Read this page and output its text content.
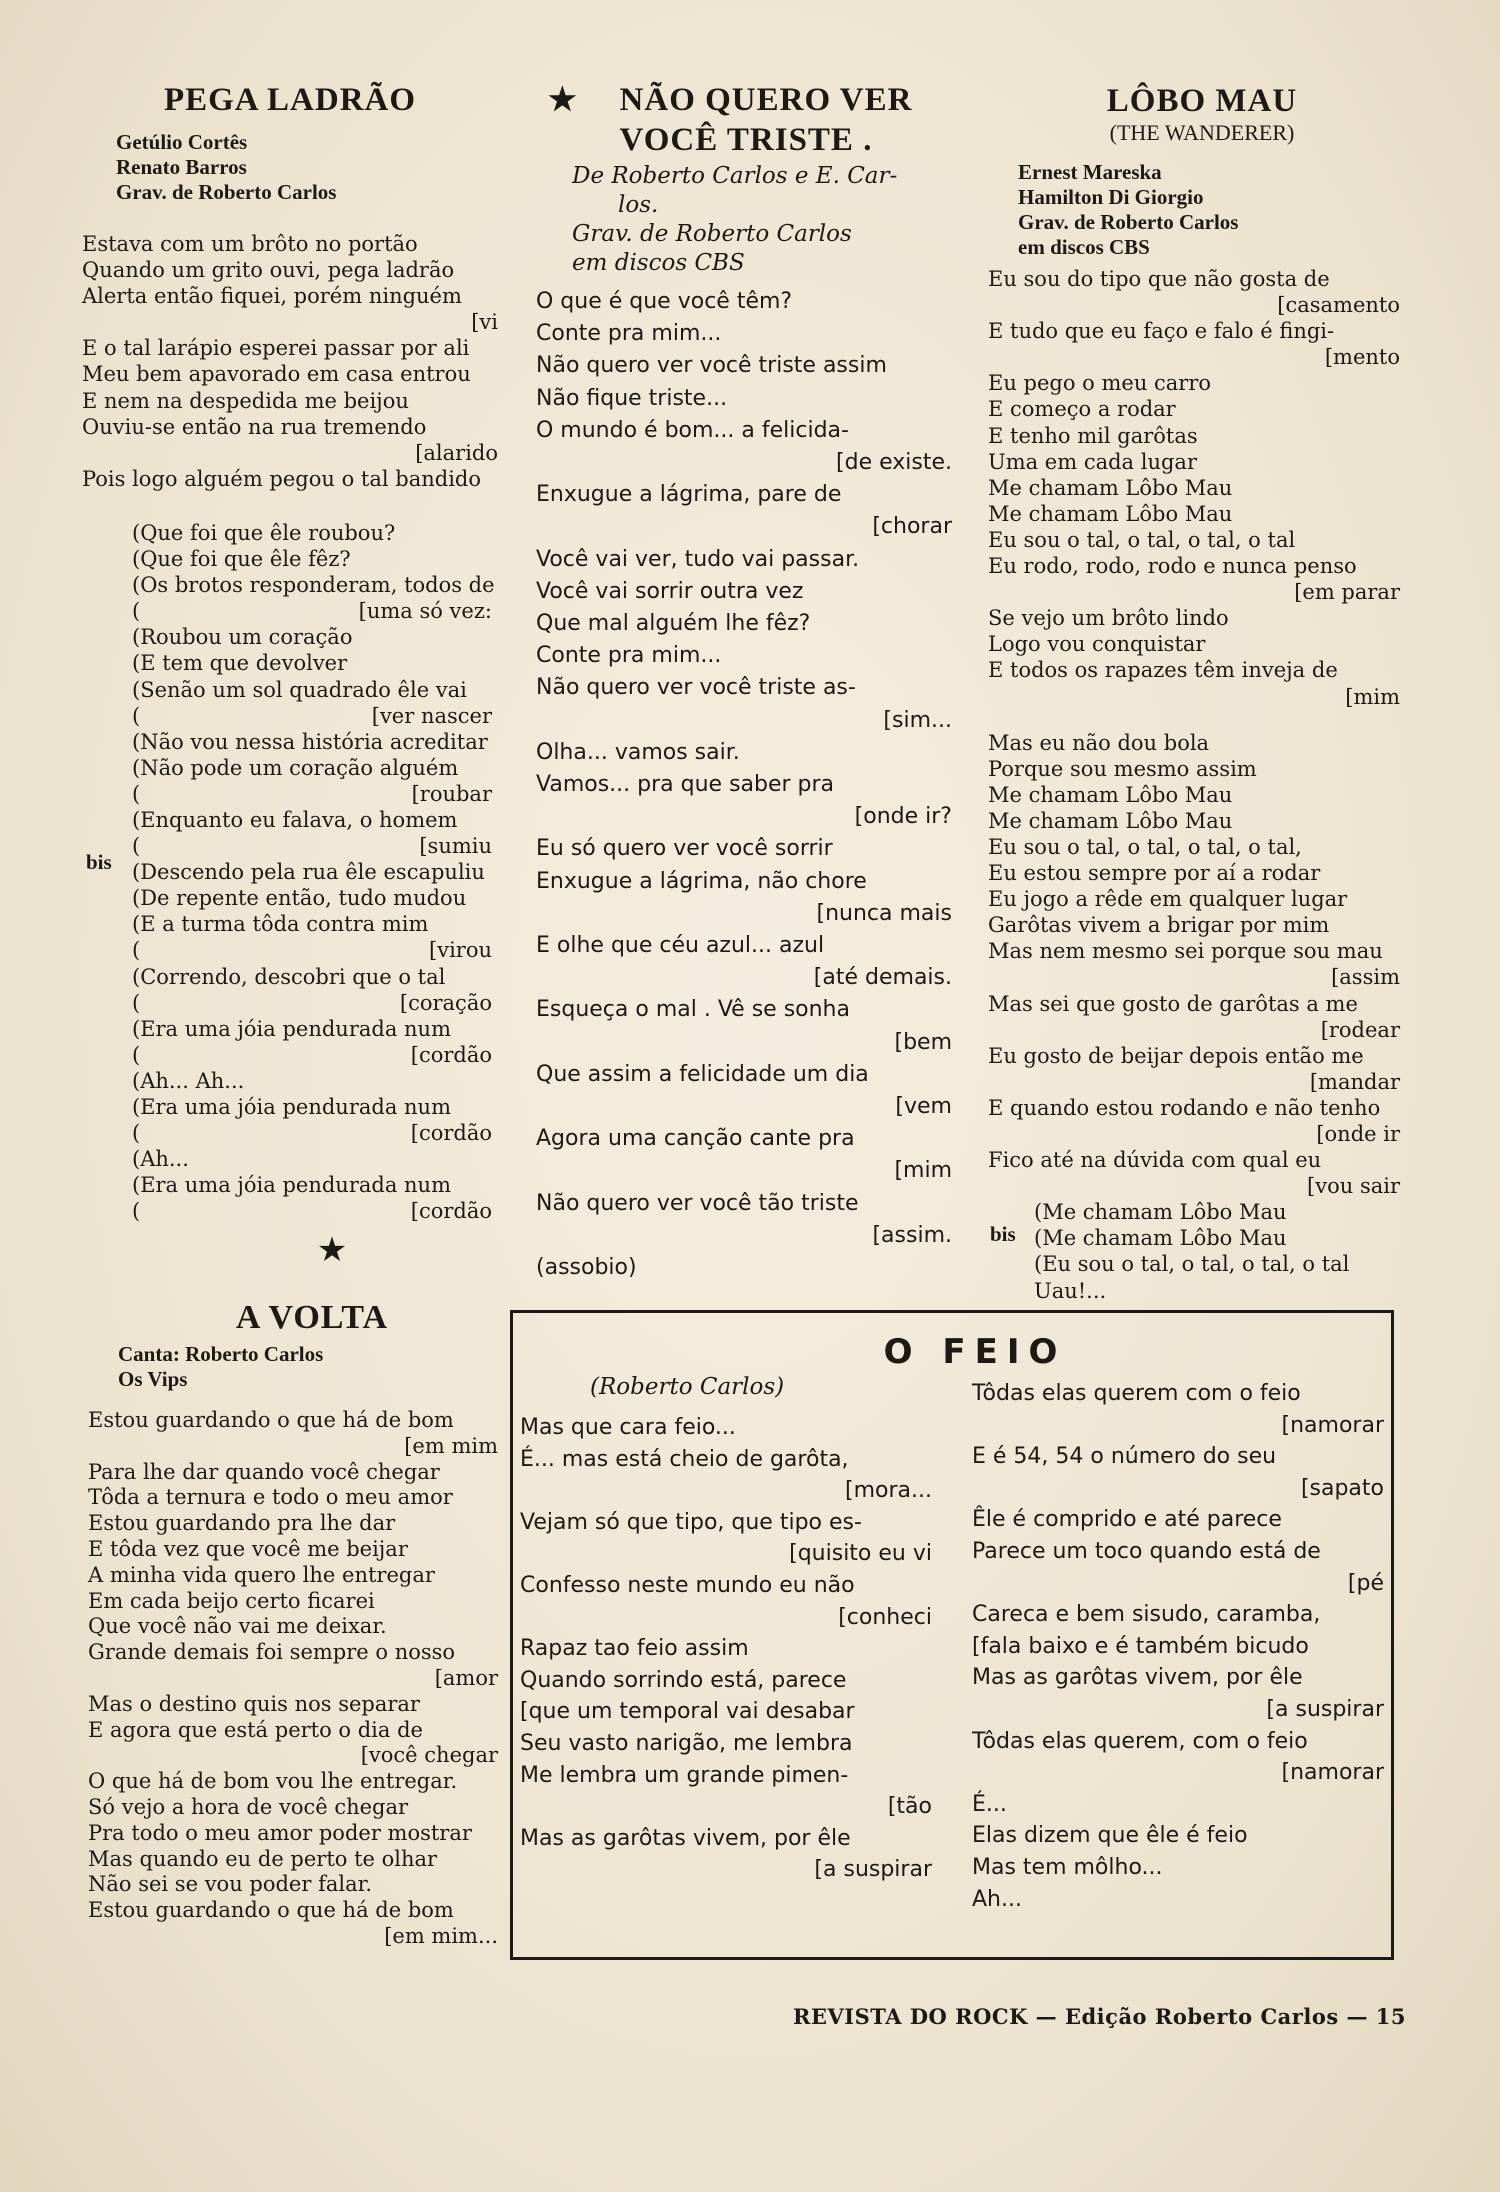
PEGA LADRÃO
Getúlio Cortês
Renato Barros
Grav. de Roberto Carlos
Estava com um brôto no portão
Quando um grito ouvi, pega ladrão
Alerta então fiquei, porém ninguém
[vi
E o tal larápio esperei passar por ali
Meu bem apavorado em casa entrou
E nem na despedida me beijou
Ouviu-se então na rua tremendo
[alarido
Pois logo alguém pegou o tal bandido
(Que foi que êle roubou?
(Que foi que êle fêz?
(Os brotos responderam, todos de
(	[uma só vez:
(Roubou um coração
(E tem que devolver
(Senão um sol quadrado êle vai
(	[ver nascer
(Não vou nessa história acreditar
(Não pode um coração alguém
(	[roubar
(Enquanto eu falava, o homem
(	[sumiu
(Descendo pela rua êle escapuliu
(De repente então, tudo mudou
(E a turma tôda contra mim
(	[virou
(Correndo, descobri que o tal
(	[coração
(Era uma jóia pendurada num
(	[cordão
(Ah... Ah...
(Era uma jóia pendurada num
(	[cordão
(Ah...
(Era uma jóia pendurada num
(	[cordão
bis
★
A VOLTA
Canta: Roberto Carlos
Os Vips
Estou guardando o que há de bom
[em mim
Para lhe dar quando você chegar
Tôda a ternura e todo o meu amor
Estou guardando pra lhe dar
E tôda vez que você me beijar
A minha vida quero lhe entregar
Em cada beijo certo ficarei
Que você não vai me deixar.
Grande demais foi sempre o nosso
[amor
Mas o destino quis nos separar
E agora que está perto o dia de
[você chegar
O que há de bom vou lhe entregar.
Só vejo a hora de você chegar
Pra todo o meu amor poder mostrar
Mas quando eu de perto te olhar
Não sei se vou poder falar.
Estou guardando o que há de bom
[em mim...
★	NÃO QUERO VER
VOCÊ TRISTE .
De Roberto Carlos e E. Car-
los.
Grav. de Roberto Carlos
em discos CBS
O que é que você têm?
Conte pra mim...
Não quero ver você triste assim
Não fique triste...
O mundo é bom... a felicida-
[de existe.
Enxugue a lágrima, pare de
[chorar
Você vai ver, tudo vai passar.
Você vai sorrir outra vez
Que mal alguém lhe fêz?
Conte pra mim...
Não quero ver você triste as-
[sim...
Olha... vamos sair.
Vamos... pra que saber pra
[onde ir?
Eu só quero ver você sorrir
Enxugue a lágrima, não chore
[nunca mais
E olhe que céu azul... azul
[até demais.
Esqueça o mal . Vê se sonha
[bem
Que assim a felicidade um dia
[vem
Agora uma canção cante pra
[mim
Não quero ver você tão triste
[assim.
(assobio)
LÔBO MAU
(THE WANDERER)
Ernest Mareska
Hamilton Di Giorgio
Grav. de Roberto Carlos
em discos CBS
Eu sou do tipo que não gosta de
[casamento
E tudo que eu faço e falo é fingi-
[mento
Eu pego o meu carro
E começo a rodar
E tenho mil garôtas
Uma em cada lugar
Me chamam Lôbo Mau
Me chamam Lôbo Mau
Eu sou o tal, o tal, o tal, o tal
Eu rodo, rodo, rodo e nunca penso
[em parar
Se vejo um brôto lindo
Logo vou conquistar
E todos os rapazes têm inveja de
[mim
Mas eu não dou bola
Porque sou mesmo assim
Me chamam Lôbo Mau
Me chamam Lôbo Mau
Eu sou o tal, o tal, o tal, o tal,
Eu estou sempre por aí a rodar
Eu jogo a rêde em qualquer lugar
Garôtas vivem a brigar por mim
Mas nem mesmo sei porque sou mau
[assim
Mas sei que gosto de garôtas a me
[rodear
Eu gosto de beijar depois então me
[mandar
E quando estou rodando e não tenho
[onde ir
Fico até na dúvida com qual eu
[vou sair
(Me chamam Lôbo Mau
(Me chamam Lôbo Mau
(Eu sou o tal, o tal, o tal, o tal
Uau!...
bis
O FEIO
(Roberto Carlos)
Mas que cara feio...
É... mas está cheio de garôta,
[mora...
Vejam só que tipo, que tipo es-
[quisito eu vi
Confesso neste mundo eu não
[conheci
Rapaz tao feio assim
Quando sorrindo está, parece
[que um temporal vai desabar
Seu vasto narigão, me lembra
Me lembra um grande pimen-
[tão
Mas as garôtas vivem, por êle
[a suspirar
Tôdas elas querem com o feio
[namorar
E é 54, 54 o número do seu
[sapato
Êle é comprido e até parece
Parece um toco quando está de
[pé
Careca e bem sisudo, caramba,
[fala baixo e é também bicudo
Mas as garôtas vivem, por êle
[a suspirar
Tôdas elas querem, com o feio
[namorar
É...
Elas dizem que êle é feio
Mas tem môlho...
Ah...
REVISTA DO ROCK — Edição Roberto Carlos — 15
